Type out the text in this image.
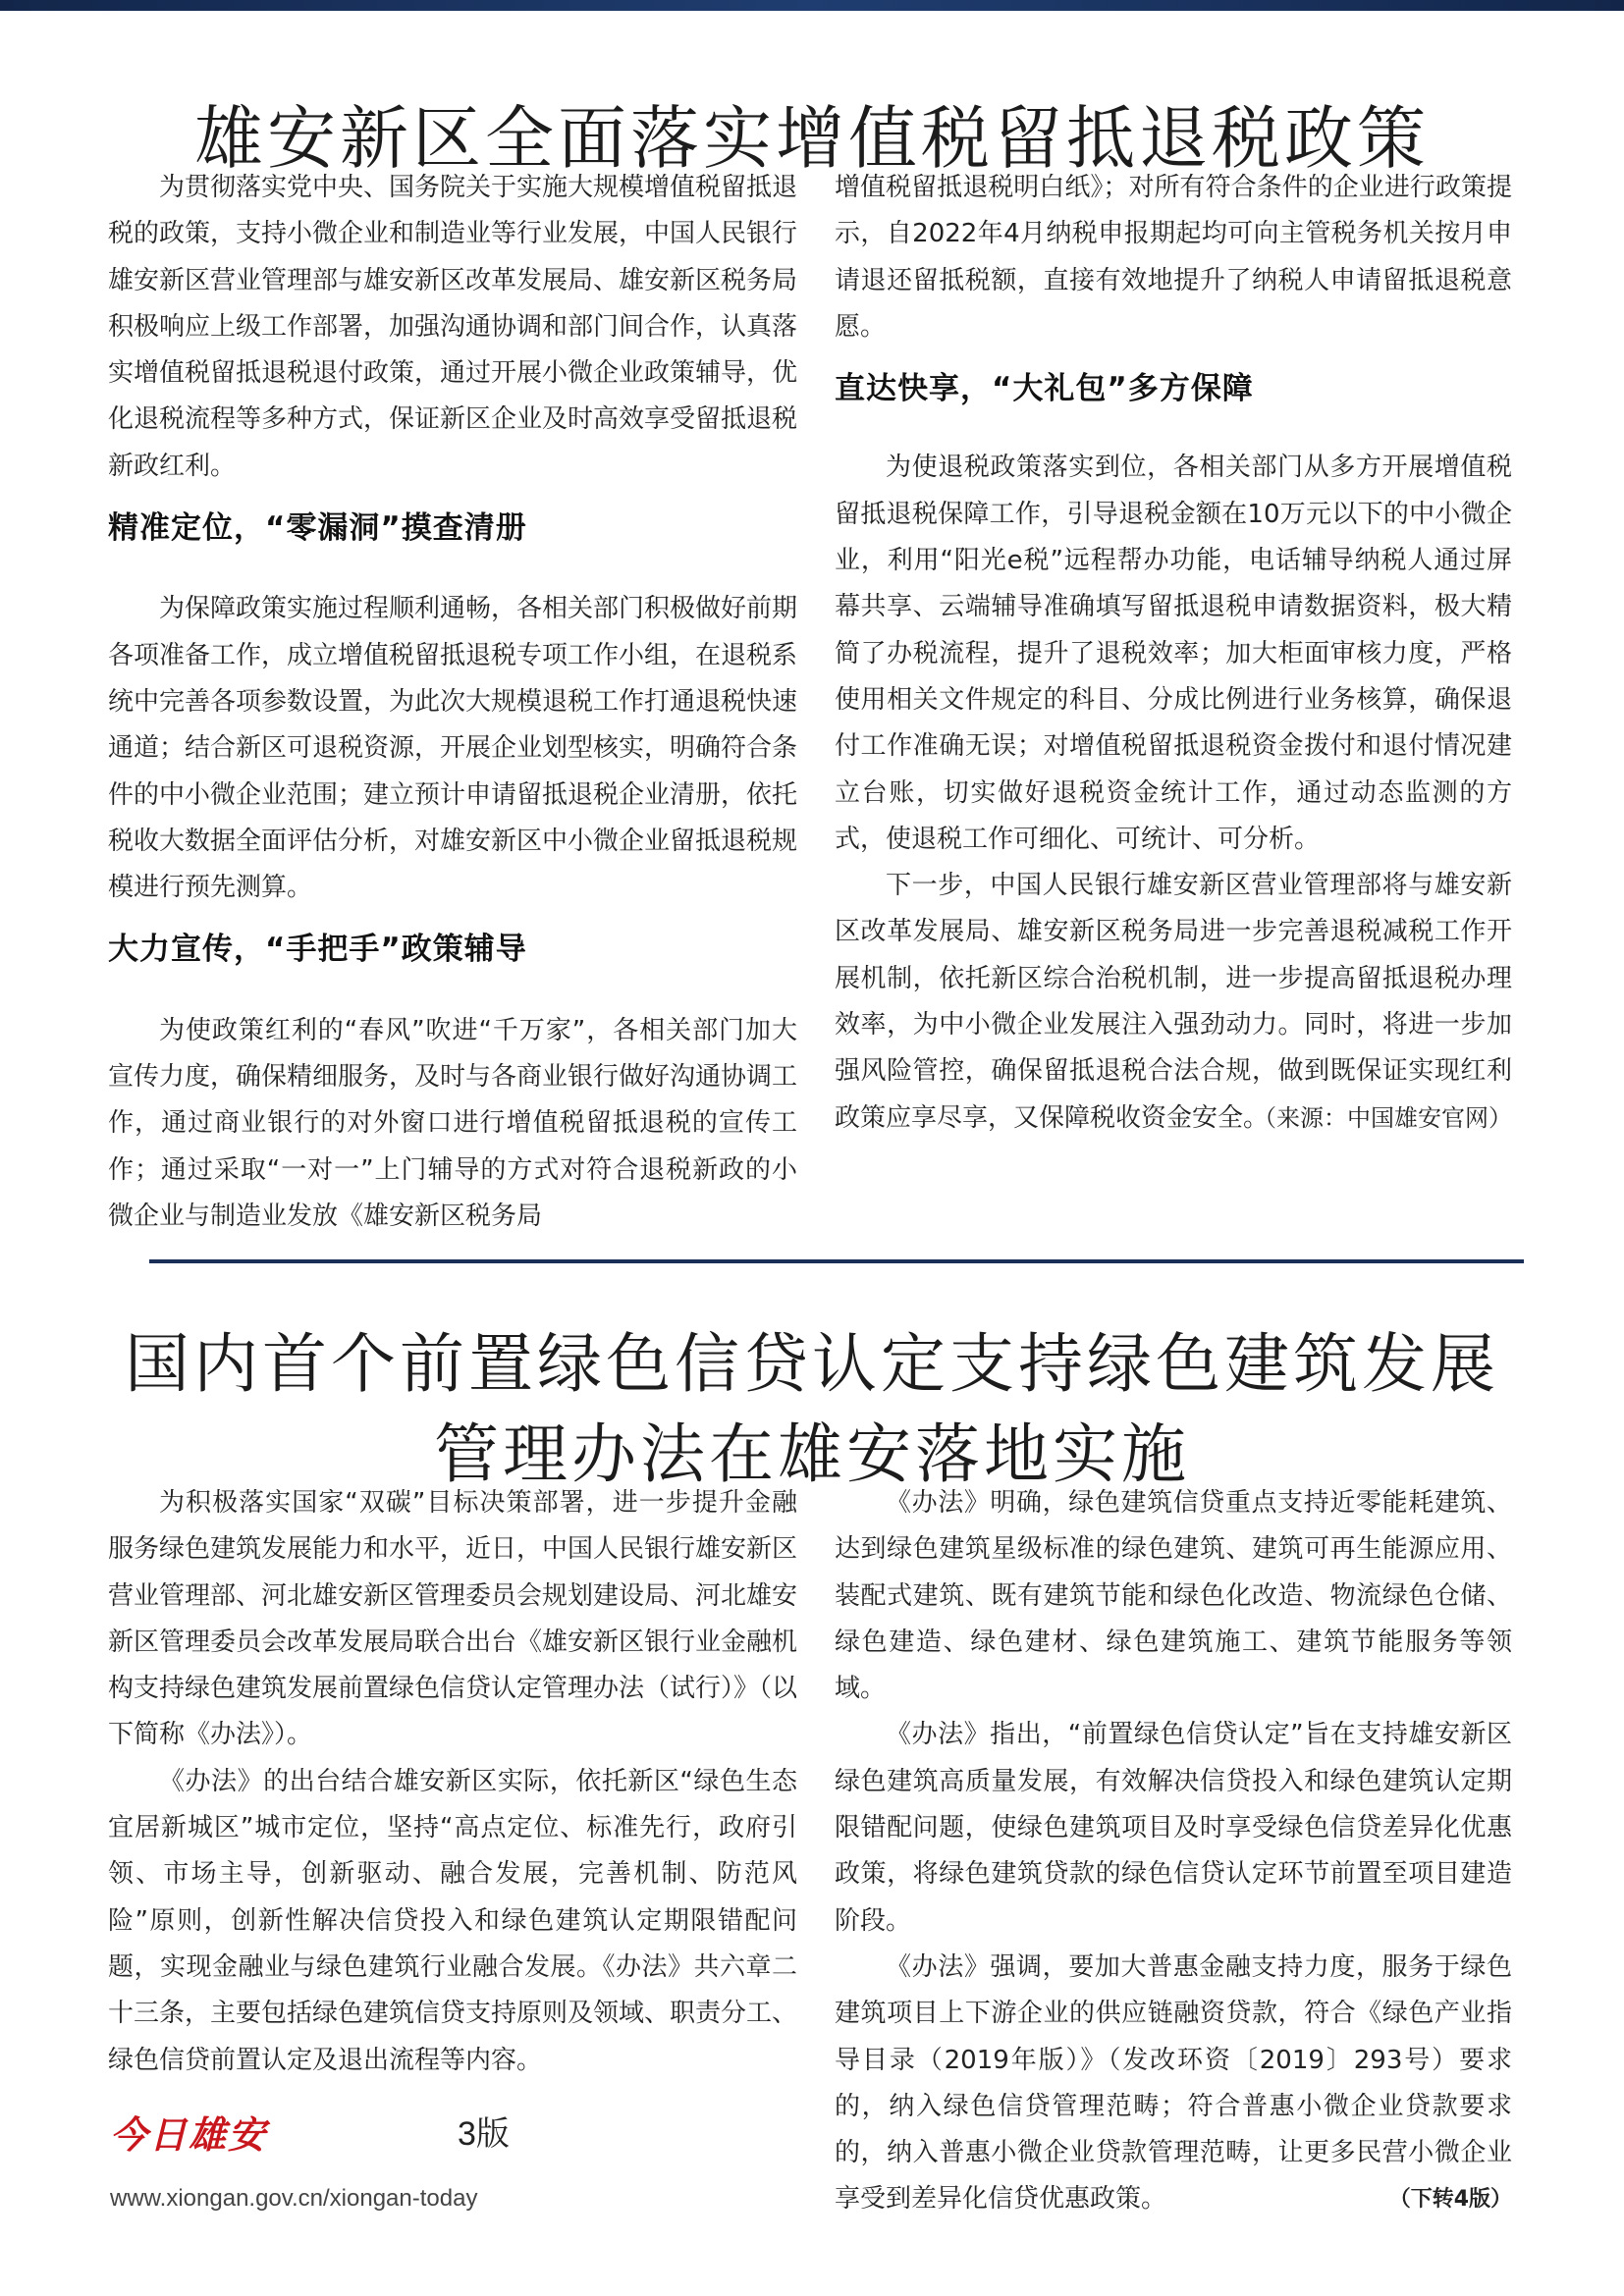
雄安新区全面落实增值税留抵退税政策

为贯彻落实党中央、国务院关于实施大规模增值税留抵退税的政策，支持小微企业和制造业等行业发展，中国人民银行雄安新区营业管理部与雄安新区改革发展局、雄安新区税务局积极响应上级工作部署，加强沟通协调和部门间合作，认真落实增值税留抵退税退付政策，通过开展小微企业政策辅导，优化退税流程等多种方式，保证新区企业及时高效享受留抵退税新政红利。

精准定位，“零漏洞”摸查清册

为保障政策实施过程顺利通畅，各相关部门积极做好前期各项准备工作，成立增值税留抵退税专项工作小组，在退税系统中完善各项参数设置，为此次大规模退税工作打通退税快速通道；结合新区可退税资源，开展企业划型核实，明确符合条件的中小微企业范围；建立预计申请留抵退税企业清册，依托税收大数据全面评估分析，对雄安新区中小微企业留抵退税规模进行预先测算。

大力宣传，“手把手”政策辅导

为使政策红利的“春风”吹进“千万家”，各相关部门加大宣传力度，确保精细服务，及时与各商业银行做好沟通协调工作，通过商业银行的对外窗口进行增值税留抵退税的宣传工作；通过采取“一对一”上门辅导的方式对符合退税新政的小微企业与制造业发放《雄安新区税务局

增值税留抵退税明白纸》；对所有符合条件的企业进行政策提示，自2022年4月纳税申报期起均可向主管税务机关按月申请退还留抵税额，直接有效地提升了纳税人申请留抵退税意愿。

直达快享，“大礼包”多方保障

为使退税政策落实到位，各相关部门从多方开展增值税留抵退税保障工作，引导退税金额在10万元以下的中小微企业，利用“阳光e税”远程帮办功能，电话辅导纳税人通过屏幕共享、云端辅导准确填写留抵退税申请数据资料，极大精简了办税流程，提升了退税效率；加大柜面审核力度，严格使用相关文件规定的科目、分成比例进行业务核算，确保退付工作准确无误；对增值税留抵退税资金拨付和退付情况建立台账，切实做好退税资金统计工作，通过动态监测的方式，使退税工作可细化、可统计、可分析。

下一步，中国人民银行雄安新区营业管理部将与雄安新区改革发展局、雄安新区税务局进一步完善退税减税工作开展机制，依托新区综合治税机制，进一步提高留抵退税办理效率，为中小微企业发展注入强劲动力。同时，将进一步加强风险管控，确保留抵退税合法合规，做到既保证实现红利政策应享尽享，又保障税收资金安全。

（来源：中国雄安官网）
国内首个前置绿色信贷认定支持绿色建筑发展
管理办法在雄安落地实施

为积极落实国家“双碳”目标决策部署，进一步提升金融服务绿色建筑发展能力和水平，近日，中国人民银行雄安新区营业管理部、河北雄安新区管理委员会规划建设局、河北雄安新区管理委员会改革发展局联合出台《雄安新区银行业金融机构支持绿色建筑发展前置绿色信贷认定管理办法（试行）》（以下简称《办法》）。

《办法》的出台结合雄安新区实际，依托新区“绿色生态宜居新城区”城市定位，坚持“高点定位、标准先行，政府引领、市场主导，创新驱动、融合发展，完善机制、防范风险”原则，创新性解决信贷投入和绿色建筑认定期限错配问题，实现金融业与绿色建筑行业融合发展。《办法》共六章二十三条，主要包括绿色建筑信贷支持原则及领域、职责分工、绿色信贷前置认定及退出流程等内容。

《办法》明确，绿色建筑信贷重点支持近零能耗建筑、达到绿色建筑星级标准的绿色建筑、建筑可再生能源应用、装配式建筑、既有建筑节能和绿色化改造、物流绿色仓储、绿色建造、绿色建材、绿色建筑施工、建筑节能服务等领域。

《办法》指出，“前置绿色信贷认定”旨在支持雄安新区绿色建筑高质量发展，有效解决信贷投入和绿色建筑认定期限错配问题，使绿色建筑项目及时享受绿色信贷差异化优惠政策，将绿色建筑贷款的绿色信贷认定环节前置至项目建造阶段。

《办法》强调，要加大普惠金融支持力度，服务于绿色建筑项目上下游企业的供应链融资贷款，符合《绿色产业指导目录（2019年版）》（发改环资〔2019〕293号）要求的，纳入绿色信贷管理范畴；符合普惠小微企业贷款要求的，纳入普惠小微企业贷款管理范畴，让更多民营小微企业享受到差异化信贷优惠政策。	（下转4版）

今日雄安	3版
www.xiongan.gov.cn/xiongan-today
